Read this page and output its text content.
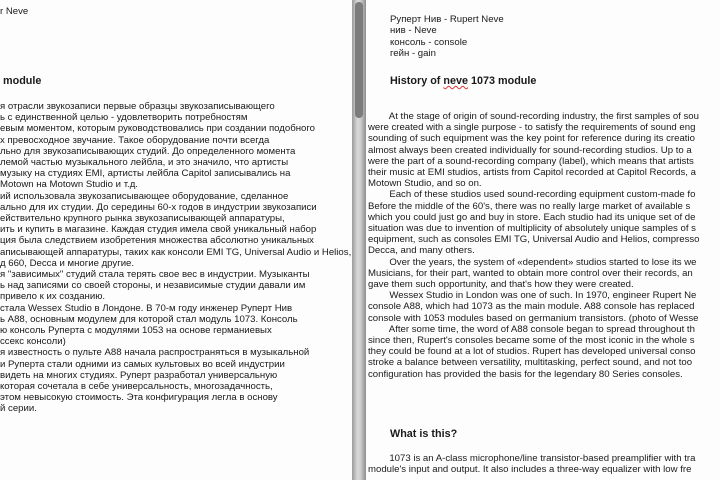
r Neve

module

я отрасли звукозаписи первые образцы звукозаписывающего

ь с единственной целью - удовлетворить потребностям

евым моментом, которым руководствовались при создании подобного

х превосходное звучание. Такое оборудование почти всегда

льно для звукозаписывающих студий. До определенного момента

лемой частью музыкального лейбла, и это значило, что артисты

музыку на студиях EMI, артисты лейбла Capitol записывались на

Motown на Motown Studio и т.д.

ий использовала звукозаписывающее оборудование, сделанное

ально для их студии. До середины 60-х годов в индустрии звукозаписи

ействительно крупного рынка звукозаписывающей аппаратуры,

ить и купить в магазине. Каждая студия имела свой уникальный набор

ция была следствием изобретения множества абсолютно уникальных

аписывающей аппаратуры, таких как консоли EMI TG, Universal Audio и Helios,

д 660, Decca и многие другие.

я "зависимых" студий стала терять свое вес в индустрии. Музыканты

ь над записями со своей стороны, и независимые студии давали им

привело к их созданию.

стала Wessex Studio в Лондоне. В 70-м году инженер Руперт Нив

ь A88, основным модулем для которой стал модуль 1073. Консоль

ю консоль Руперта с модулями 1053 на основе германиевых

ссекс консоли)

я известность о пульте A88 начала распространяться в музыкальной

и Руперта стали одними из самых культовых во всей индустрии

видеть на многих студиях. Руперт разработал универсальную

которая сочетала в себе универсальность, многозадачность,

этом невысокую стоимость. Эта конфигурация легла в основу

й серии.

Руперт Нив - Rupert Neve

нив - Neve

консоль - console

гейн - gain

History of neve 1073 module

At the stage of origin of sound-recording industry, the first samples of sou

were created with a single purpose - to satisfy the requirements of sound eng

sounding of such equipment was the key point for reference during its creatio

almost always been created individually for sound-recording studios. Up to a

were the part of a sound-recording company (label), which means that artists

their music at EMI studios, artists from Capitol recorded at Capitol Records, a

Motown Studio, and so on.

Each of these studios used sound-recording equipment custom-made fo

Before the middle of the 60's, there was no really large market of available s

which you could just go and buy in store. Each studio had its unique set of de

situation was due to invention of multiplicity of absolutely unique samples of s

equipment, such as consoles EMI TG, Universal Audio and Helios, compresso

Decca, and many others.

Over the years, the system of «dependent» studios started to lose its we

Musicians, for their part, wanted to obtain more control over their records, an

gave them such opportunity, and that's how they were created.

Wessex Studio in London was one of such. In 1970, engineer Rupert Ne

console A88, which had 1073 as the main module. A88 console has replaced

console with 1053 modules based on germanium transistors. (photo of Wesse

After some time, the word of A88 console began to spread throughout th

since then, Rupert's consoles became some of the most iconic in the whole s

they could be found at a lot of studios. Rupert has developed universal conso

stroke a balance between versatility, multitasking, perfect sound, and not too

configuration has provided the basis for the legendary 80 Series consoles.

What is this?

1073 is an A-class microphone/line transistor-based preamplifier with tra

module's input and output. It also includes a three-way equalizer with low fre
